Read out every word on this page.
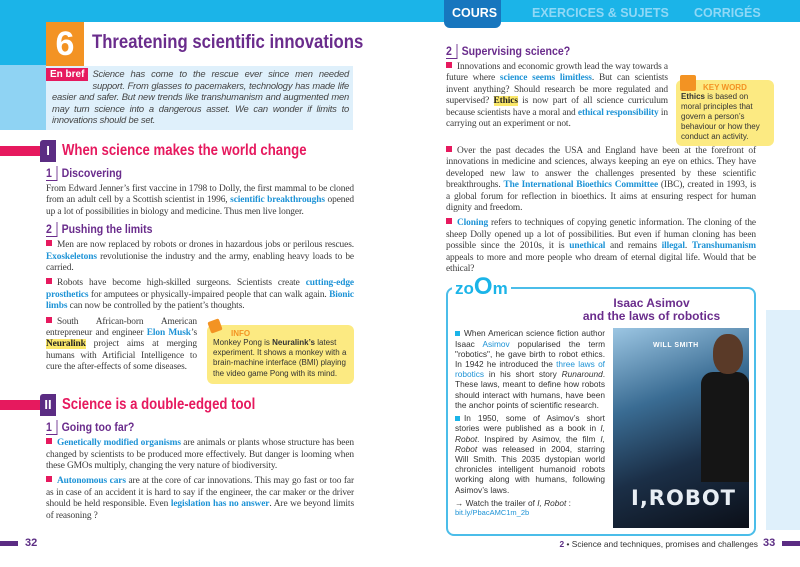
COURS	EXERCICES & SUJETS CORRIGÉS
6 Threatening scientific innovations
En bref Science has come to the rescue ever since men needed support. From glasses to pacemakers, technology has made life easier and safer. But new trends like transhumanism and augmented men may turn science into a dangerous asset. We can wonder if limits to innovations should be set.
I When science makes the world change
1 Discovering
From Edward Jenner’s first vaccine in 1798 to Dolly, the first mammal to be cloned from an adult cell by a Scottish scientist in 1996, scientific breakthroughs opened up a lot of possibilities in biology and medicine. Thus men live longer.
2 Pushing the limits
Men are now replaced by robots or drones in hazardous jobs or perilous rescues. Exoskeletons revolutionise the industry and the army, enabling heavy loads to be carried.
Robots have become high-skilled surgeons. Scientists create cutting-edge prosthetics for amputees or physically-impaired people that can walk again. Bionic limbs can now be controlled by the patient’s thoughts.
South African-born American entrepreneur and engineer Elon Musk’s Neuralink project aims at merging humans with Artificial Intelligence to cure the after-effects of some diseases.
INFO
Monkey Pong is Neuralink’s latest experiment. It shows a monkey with a brain-machine interface (BMI) playing the video game Pong with its mind.
II Science is a double-edged tool
1 Going too far?
Genetically modified organisms are animals or plants whose structure has been changed by scientists to be produced more effectively. But danger is looming when these GMOs multiply, changing the very nature of biodiversity.
Autonomous cars are at the core of car innovations. This may go fast or too far as in case of an accident it is hard to say if the engineer, the car maker or the driver should be held responsible. Even legislation has no answer. Are we beyond limits of reasoning ?
32
2 Supervising science?
Innovations and economic growth lead the way towards a future where science seems limitless. But can scientists invent anything? Should research be more regulated and supervised? Ethics is now part of all science curriculum because scientists have a moral and ethical responsibility in carrying out an experiment or not.
KEY WORD
Ethics is based on moral principles that govern a person’s behaviour or how they conduct an activity.
Over the past decades the USA and England have been at the forefront of innovations in medicine and sciences, always keeping an eye on ethics. They have developed new law to answer the challenges presented by these scientific breakthroughs. The International Bioethics Committee (IBC), created in 1993, is a global forum for reflection in bioethics. It aims at ensuring respect for human dignity and freedom.
Cloning refers to techniques of copying genetic information. The cloning of the sheep Dolly opened up a lot of possibilities. But even if human cloning has been possible since the 2010s, it is unethical and remains illegal. Transhumanism appeals to more and more people who dream of eternal digital life. Would that be ethical?
zoOm
Isaac Asimov
and the laws of robotics
When American science fiction author Isaac Asimov popularised the term "robotics", he gave birth to robot ethics. In 1942 he introduced the three laws of robotics in his short story Runaround. These laws, meant to define how robots should interact with humans, have been the anchor points of scientific research.
In 1950, some of Asimov’s short stories were published as a book in I, Robot. Inspired by Asimov, the film I, Robot was released in 2004, starring Will Smith. This 2035 dystopian world chronicles intelligent humanoid robots working along with humans, following Asimov’s laws.
→ Watch the trailer of I, Robot :
bit.ly/PbacAMC1m_2b
WILL SMITH
I,ROBOT
2 • Science and techniques, promises and challenges 33
